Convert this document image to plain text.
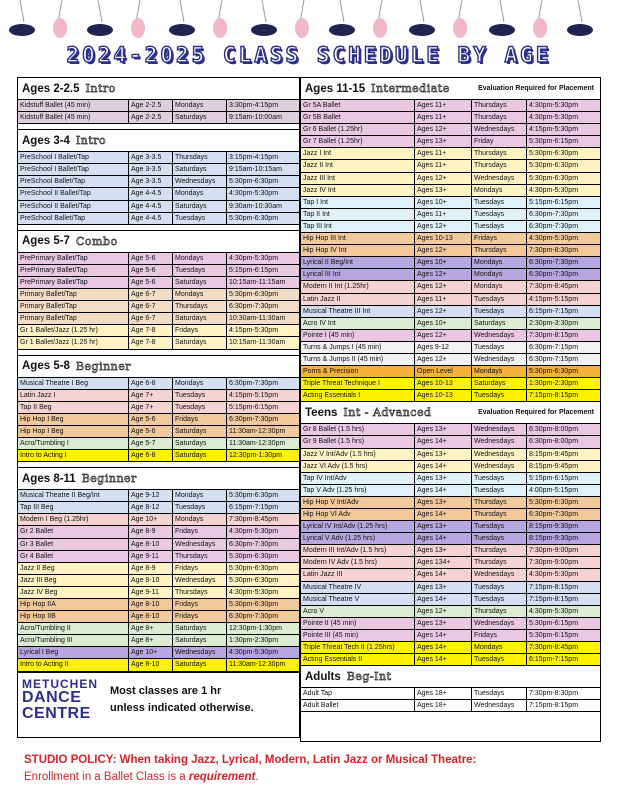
2024-2025 CLASS SCHEDULE BY AGE
Ages 2-2.5 Intro
Kidstuff Ballet (45 min)	Age 2-2.5	Mondays	3:30pm-4:15pm
Kidstuff Ballet (45 min)	Age 2-2.5	Saturdays	9:15am-10:00am
Ages 3-4 Intro
PreSchool I Ballet/Tap	Age 3-3.5	Thursdays	3:15pm-4:15pm
PreSchool I Ballet/Tap	Age 3-3.5	Saturdays	9:15am-10:15am
PreSchool Ballet/Tap	Age 3-3.5	Wednesdays	5:30pm-6:30pm
PreSchool II Ballet/Tap	Age 4-4.5	Mondays	4:30pm-5:30pm
PreSchool II Ballet/Tap	Age 4-4.5	Saturdays	9:30am-10:30am
PreSchool Ballet/Tap	Age 4-4.5	Tuesdays	5:30pm-6:30pm
Ages 5-7 Combo
PrePrimary Ballet/Tap	Age 5-6	Mondays	4:30pm-5:30pm
PrePrimary Ballet/Tap	Age 5-6	Tuesdays	5:15pm-6:15pm
PrePrimary Ballet/Tap	Age 5-6	Saturdays	10:15am-11:15am
Primary Ballet/Tap	Age 6-7	Mondays	5:30pm-6:30pm
Primary Ballet/Tap	Age 6-7	Thursdays	6:30pm-7:30pm
Primary Ballet/Tap	Age 6-7	Saturdays	10:30am-11:30am
Gr 1 Ballet/Jazz (1.25 hr)	Age 7-8	Fridays	4:15pm-5:30pm
Gr 1 Ballet/Jazz (1.25 hr)	Age 7-8	Saturdays	10:15am-11:30am
Ages 5-8 Beginner
Musical Theatre I Beg	Age 6-8	Mondays	6:30pm-7:30pm
Latin Jazz I	Age 7+	Tuesdays	4:15pm-5:15pm
Tap II Beg	Age 7+	Tuesdays	5:15pm-6:15pm
Hip Hop I Beg	Age 5-6	Fridays	6:30pm-7:30pm
Hip Hop I Beg	Age 5-6	Saturdays	11:30am-12:30pm
Acro/Tumbling I	Age 5-7	Saturdays	11:30am-12:30pm
Intro to Acting I	Age 6-8	Saturdays	12:30pm-1:30pm
Ages 8-11 Beginner
Musical Theatre II Beg/Int	Age 9-12	Mondays	5:30pm-6:30pm
Tap III Beg	Age 8-12	Tuesdays	6:15pm-7:15pm
Modern I Beg (1.25hr)	Age 10+	Mondays	7:30pm-8:45pm
Gr 2 Ballet	Age 8-9	Fridays	4:30pm-5:30pm
Gr 3 Ballet	Age 8-10	Wednesdays	6:30pm-7:30pm
Gr 4 Ballet	Age 9-11	Thursdays	5:30pm-6:30pm
Jazz II Beg	Age 8-9	Fridays	5:30pm-6:30pm
Jazz III Beg	Age 8-10	Wednesdays	5:30pm-6:30pm
Jazz IV Beg	Age 9-11	Thursdays	4:30pm-5:30pm
Hip Hop IIA	Age 8-10	Fridays	5:30pm-6:30pm
Hip Hop IIB	Age 8-10	Fridays	6:30pm-7:30pm
Acro/Tumbling II	Age 8+	Saturdays	12:30pm-1:30pm
Acro/Tumbling III	Age 8+	Saturdays	1:30pm-2:30pm
Lyrical I Beg	Age 10+	Wednesdays	4:30pm-5:30pm
Intro to Acting II	Age 8-10	Saturdays	11:30am-12:30pm
METUCHEN
DANCE
CENTRE
Most classes are 1 hr
unless indicated otherwise.
Ages 11-15 Intermediate	Evaluation Required for Placement
Gr 5A Ballet	Ages 11+	Thursdays	4:30pm-5:30pm
Gr 5B Ballet	Ages 11+	Thursdays	4:30pm-5:30pm
Gr 6 Ballet (1.25hr)	Ages 12+	Wednesdays	4:15pm-5:30pm
Gr 7 Ballet (1.25hr)	Ages 13+	Friday	5:30pm-6:15pm
Jazz I Int	Ages 11+	Thursdays	5:30pm-6:30pm
Jazz II Int	Ages 11+	Thursdays	5:30pm-6:30pm
Jazz III Int	Ages 12+	Wednesdays	5:30pm-6:30pm
Jazz IV Int	Ages 13+	Mondays	4:30pm-5:30pm
Tap I Int	Ages 10+	Tuesdays	5:15pm-6:15pm
Tap II Int	Ages 11+	Tuesdays	6:30pm-7:30pm
Tap III Int	Ages 12+	Tuesdays	6:30pm-7:30pm
Hip Hop III Int	Ages 10-13	Fridays	4:30pm-5:30pm
Hip Hop IV Int	Ages 12+	Thursdays	7:30pm-8:30pm
Lyrical II Beg/Int	Ages 10+	Mondays	6:30pm-7:30pm
Lyrical III Int	Ages 12+	Mondays	6:30pm-7:30pm
Modern II Int (1.25hr)	Ages 12+	Mondays	7:30pm-8:45pm
Latin Jazz II	Ages 11+	Tuesdays	4:15pm-5:15pm
Musical Theatre III Int	Ages 12+	Tuesdays	6:15pm-7:15pm
Acro IV Int	Ages 10+	Saturdays	2:30pm-3:30pm
Pointe I (45 min)	Ages 12+	Wednesdays	7:30pm-8:15pm
Turns & Jumps I (45 min)	Ages 9-12	Tuesdays	6:30pm-7:15pm
Turns & Jumps II (45 min)	Ages 12+	Wednesdays	6:30pm-7:15pm
Poms & Precision	Open Level	Mondays	5:30pm-6:30pm
Triple Threat Technique I	Ages 10-13	Saturdays	1:30pm-2:30pm
Acting Essentials I	Ages 10-13	Tuesdays	7:15pm-8:15pm
Teens Int - Advanced	Evaluation Required for Placement
Gr 8 Ballet (1.5 hrs)	Ages 13+	Wednesdays	6:30pm-8:00pm
Gr 9 Ballet (1.5 hrs)	Ages 14+	Wednesdays	6:30pm-8:00pm
Jazz V Int/Adv (1.5 hrs)	Ages 13+	Wednesdays	8:15pm-9:45pm
Jazz VI Adv (1.5 hrs)	Ages 14+	Wednesdays	8:15pm-9:45pm
Tap IV Int/Adv	Ages 13+	Tuesdays	5:15pm-6:15pm
Tap V Adv (1.25 hrs)	Ages 14+	Tuesdays	4:00pm-5:15pm
Hip Hop V Int/Adv	Ages 13+	Thursdays	5:30pm-6:30pm
Hip Hop VI Adv	Ages 14+	Thursdays	6:30pm-7:30pm
Lyrical IV Int/Adv (1.25 hrs)	Ages 13+	Tuesdays	8:15pm-9:30pm
Lyrical V Adv (1.25 hrs)	Ages 14+	Tuesdays	8:15pm-9:30pm
Modern III Int/Adv (1.5 hrs)	Ages 13+	Thursdays	7:30pm-9:00pm
Modern IV Adv (1.5 hrs)	Ages 134+	Thursdays	7:30pm-9:00pm
Latin Jazz III	Ages 14+	Wednesdays	4:30pm-5:30pm
Musical Theatre IV	Ages 13+	Tuesdays	7:15pm-8:15pm
Musical Theatre V	Ages 14+	Tuesdays	7:15pm-8:15pm
Acro V	Ages 12+	Thursdays	4:30pm-5:30pm
Pointe II (45 min)	Ages 13+	Wednesdays	5:30pm-6:15pm
Pointe III (45 min)	Ages 14+	Fridays	5:30pm-6:15pm
Triple Threat Tech II (1.25hrs)	Ages 14+	Mondays	7:30pm-8:45pm
Acting Essentials II	Ages 14+	Tuesdays	6:15pm-7:15pm
Adults Beg-Int
Adult Tap	Ages 18+	Tuesdays	7:30pm-8:30pm
Adult Ballet	Ages 18+	Wednesdays	7:15pm-8:15pm
STUDIO POLICY: When taking Jazz, Lyrical, Modern, Latin Jazz or Musical Theatre:
Enrollment in a Ballet Class is a requirement.
